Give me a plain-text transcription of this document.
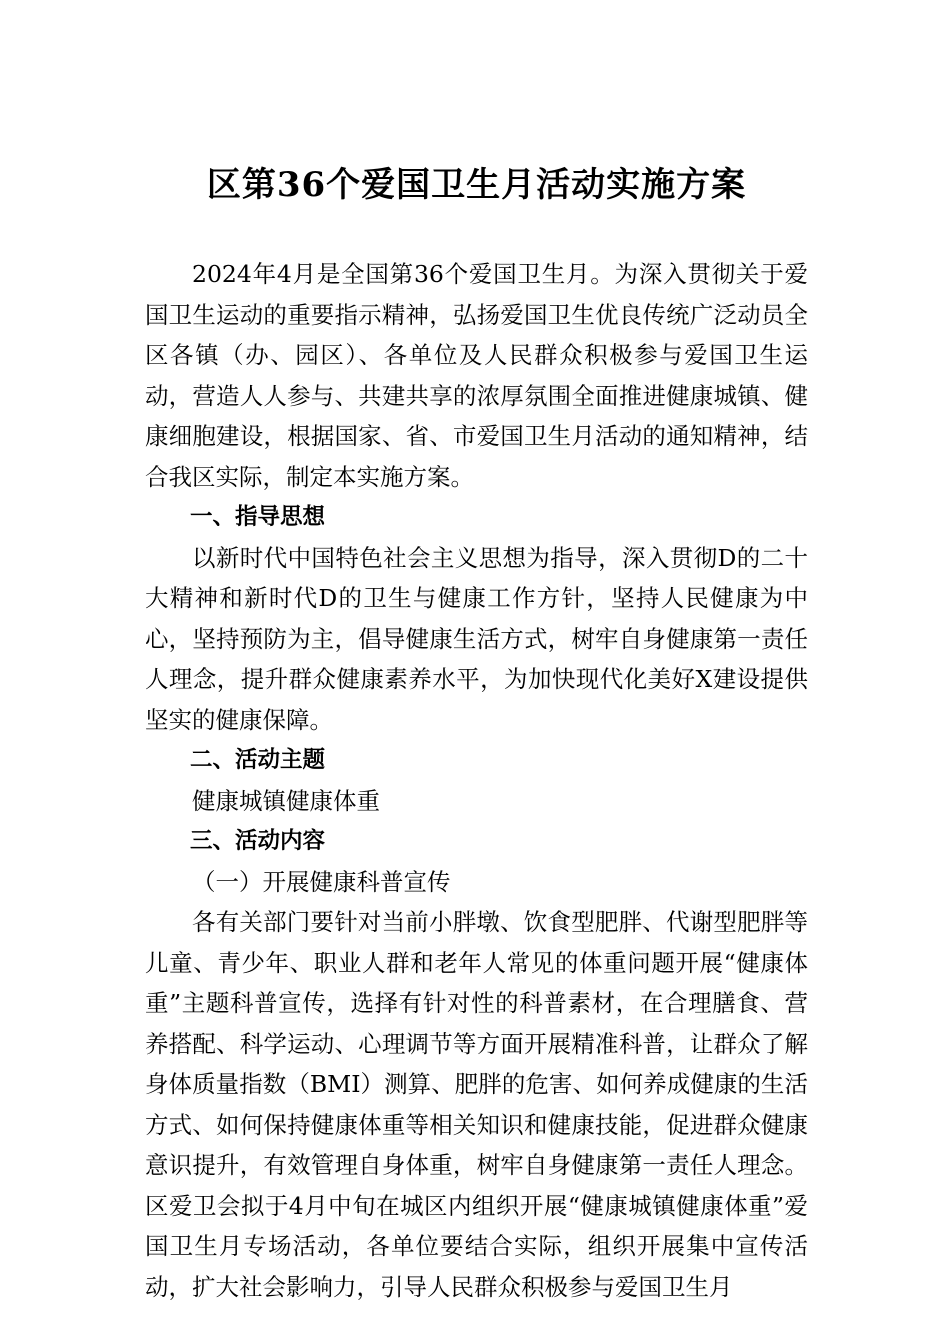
区第36个爱国卫生月活动实施方案

2024年4月是全国第36个爱国卫生月。为深入贯彻关于爱国卫生运动的重要指示精神，弘扬爱国卫生优良传统广泛动员全区各镇（办、园区）、各单位及人民群众积极参与爱国卫生运动，营造人人参与、共建共享的浓厚氛围全面推进健康城镇、健康细胞建设，根据国家、省、市爱国卫生月活动的通知精神，结合我区实际，制定本实施方案。

一、指导思想

以新时代中国特色社会主义思想为指导，深入贯彻D的二十大精神和新时代D的卫生与健康工作方针，坚持人民健康为中心，坚持预防为主，倡导健康生活方式，树牢自身健康第一责任人理念，提升群众健康素养水平，为加快现代化美好X建设提供坚实的健康保障。

二、活动主题

健康城镇健康体重

三、活动内容

（一）开展健康科普宣传

各有关部门要针对当前小胖墩、饮食型肥胖、代谢型肥胖等儿童、青少年、职业人群和老年人常见的体重问题开展“健康体重”主题科普宣传，选择有针对性的科普素材，在合理膳食、营养搭配、科学运动、心理调节等方面开展精准科普，让群众了解身体质量指数（BMI）测算、肥胖的危害、如何养成健康的生活方式、如何保持健康体重等相关知识和健康技能，促进群众健康意识提升，有效管理自身体重，树牢自身健康第一责任人理念。区爱卫会拟于4月中旬在城区内组织开展“健康城镇健康体重”爱国卫生月专场活动，各单位要结合实际，组织开展集中宣传活动，扩大社会影响力，引导人民群众积极参与爱国卫生月
